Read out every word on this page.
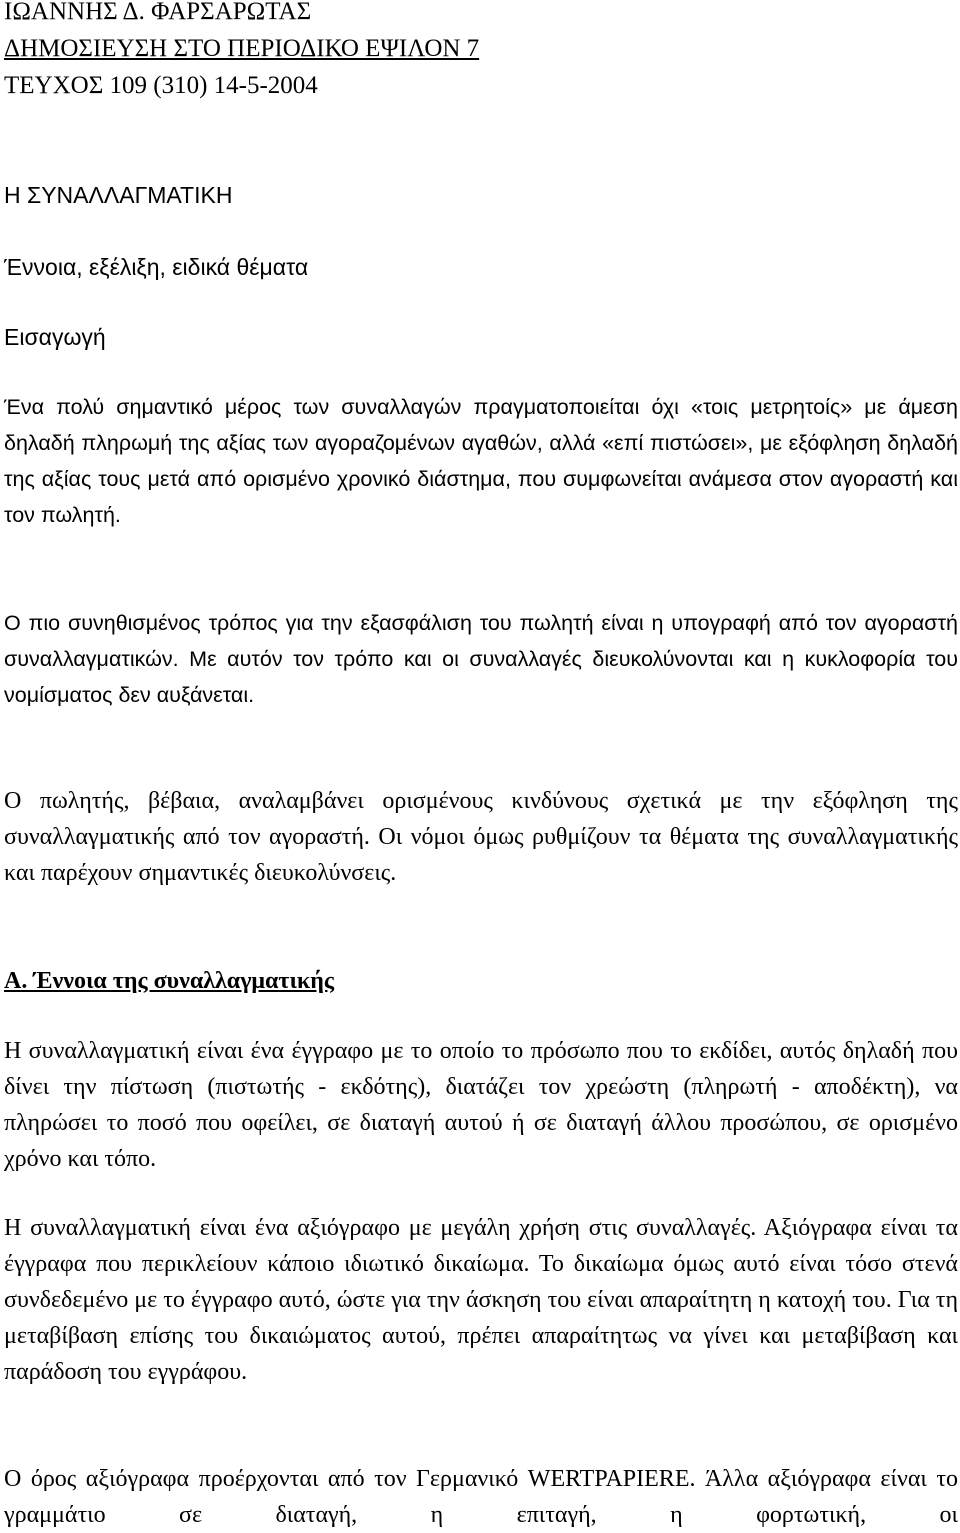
ΙΩΑΝΝΗΣ Δ. ΦΑΡΣΑΡΩΤΑΣ

ΔΗΜΟΣΙΕΥΣΗ ΣΤΟ ΠΕΡΙΟΔΙΚΟ ΕΨΙΛΟΝ 7

ΤΕΥΧΟΣ 109 (310) 14-5-2004

Η ΣΥΝΑΛΛΑΓΜΑΤΙΚΗ

Έννοια, εξέλιξη, ειδικά θέματα

Εισαγωγή

Ένα πολύ σημαντικό μέρος των συναλλαγών πραγματοποιείται όχι «τοις μετρητοίς» με άμεση δηλαδή πληρωμή της αξίας των αγοραζομένων αγαθών, αλλά «επί πιστώσει», με εξόφληση δηλαδή της αξίας τους μετά από ορισμένο χρονικό διάστημα, που συμφωνείται ανάμεσα στον αγοραστή και τον πωλητή.

Ο πιο συνηθισμένος τρόπος για την εξασφάλιση του πωλητή είναι η υπογραφή από τον αγοραστή συναλλαγματικών. Με αυτόν τον τρόπο και οι συναλλαγές διευκολύνονται και η κυκλοφορία του νομίσματος δεν αυξάνεται.

Ο πωλητής, βέβαια, αναλαμβάνει ορισμένους κινδύνους σχετικά με την εξόφληση της συναλλαγματικής από τον αγοραστή. Οι νόμοι όμως ρυθμίζουν τα θέματα της συναλλαγματικής και παρέχουν σημαντικές διευκολύνσεις.

Α. Έννοια της συναλλαγματικής

Η συναλλαγματική είναι ένα έγγραφο με το οποίο το πρόσωπο που το εκδίδει, αυτός δηλαδή που δίνει την πίστωση (πιστωτής - εκδότης), διατάζει τον χρεώστη (πληρωτή - αποδέκτη), να πληρώσει το ποσό που οφείλει, σε διαταγή αυτού ή σε διαταγή άλλου προσώπου, σε ορισμένο χρόνο και τόπο.

Η συναλλαγματική είναι ένα αξιόγραφο με μεγάλη χρήση στις συναλλαγές. Αξιόγραφα είναι τα έγγραφα που περικλείουν κάποιο ιδιωτικό δικαίωμα. Το δικαίωμα όμως αυτό είναι τόσο στενά συνδεδεμένο με το έγγραφο αυτό, ώστε για την άσκηση του είναι απαραίτητη η κατοχή του. Για τη μεταβίβαση επίσης του δικαιώματος αυτού, πρέπει απαραίτητως να γίνει και μεταβίβαση και παράδοση του εγγράφου.

Ο όρος αξιόγραφα προέρχονται από τον Γερμανικό WERTPAPIERE. Άλλα αξιόγραφα είναι το γραμμάτιο σε διαταγή, η επιταγή, η φορτωτική, οι
